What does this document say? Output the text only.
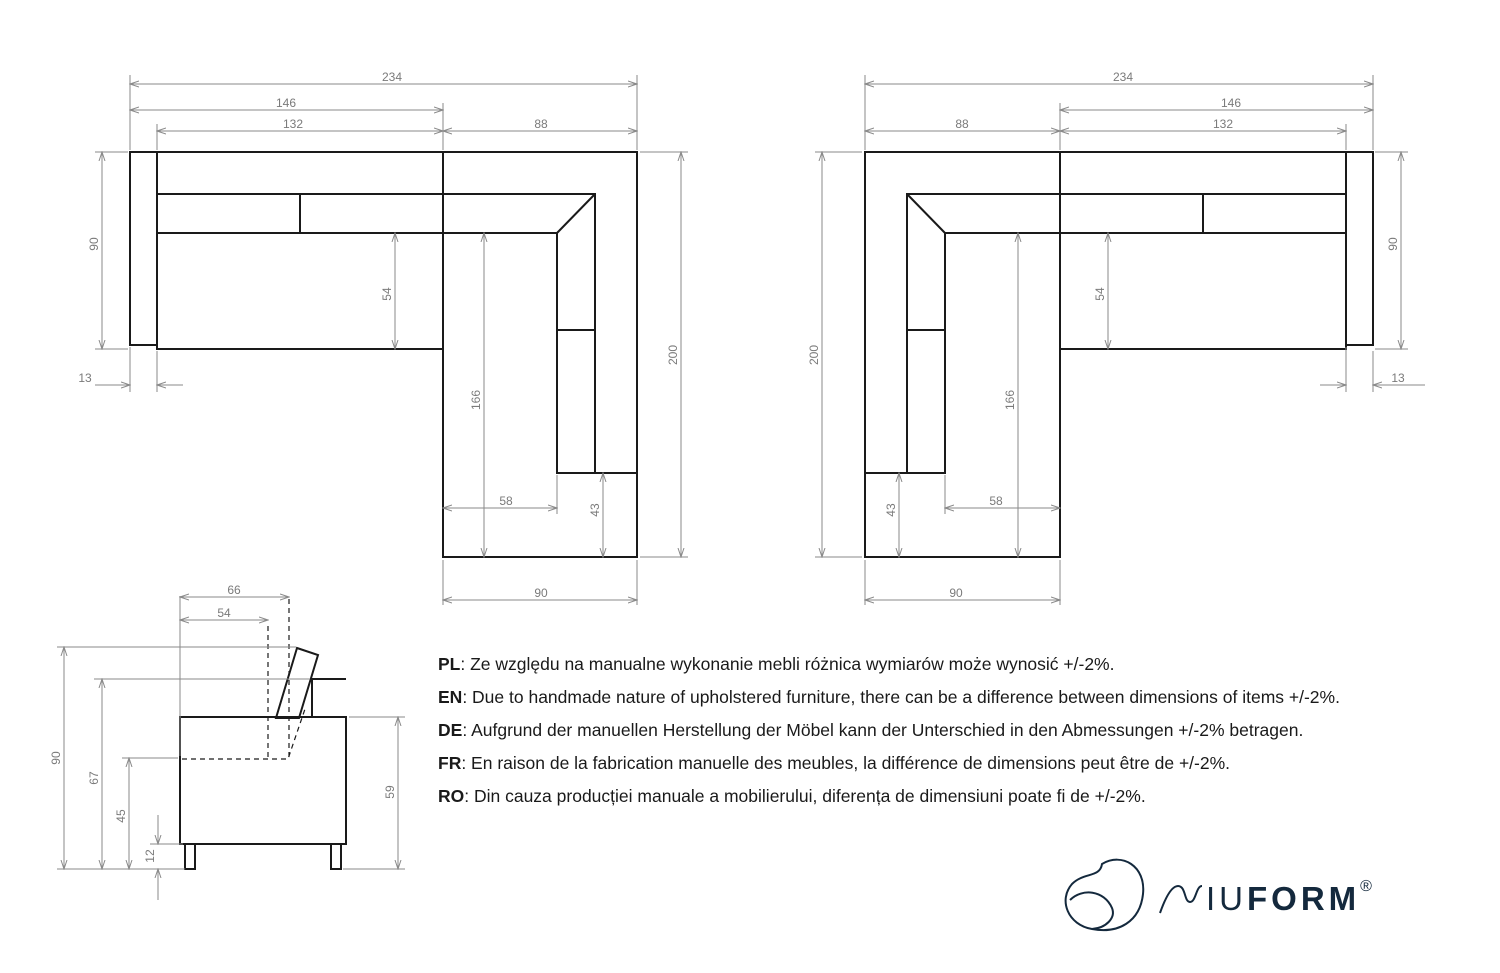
234
146
132	88
90
54
166
200
13
58
43
90
234
146
88	132
90
54
166
200
13
58
43
90
66
54
90
67
45
12
59
PL: Ze względu na manualne wykonanie mebli różnica wymiarów może wynosić +/-2%.
EN: Due to handmade nature of upholstered furniture, there can be a difference between dimensions of items +/-2%.
DE: Aufgrund der manuellen Herstellung der Möbel kann der Unterschied in den Abmessungen +/-2% betragen.
FR: En raison de la fabrication manuelle des meubles, la différence de dimensions peut être de +/-2%.
RO: Din cauza producției manuale a mobilierului, diferența de dimensiuni poate fi de +/-2%.
IUFORM®
